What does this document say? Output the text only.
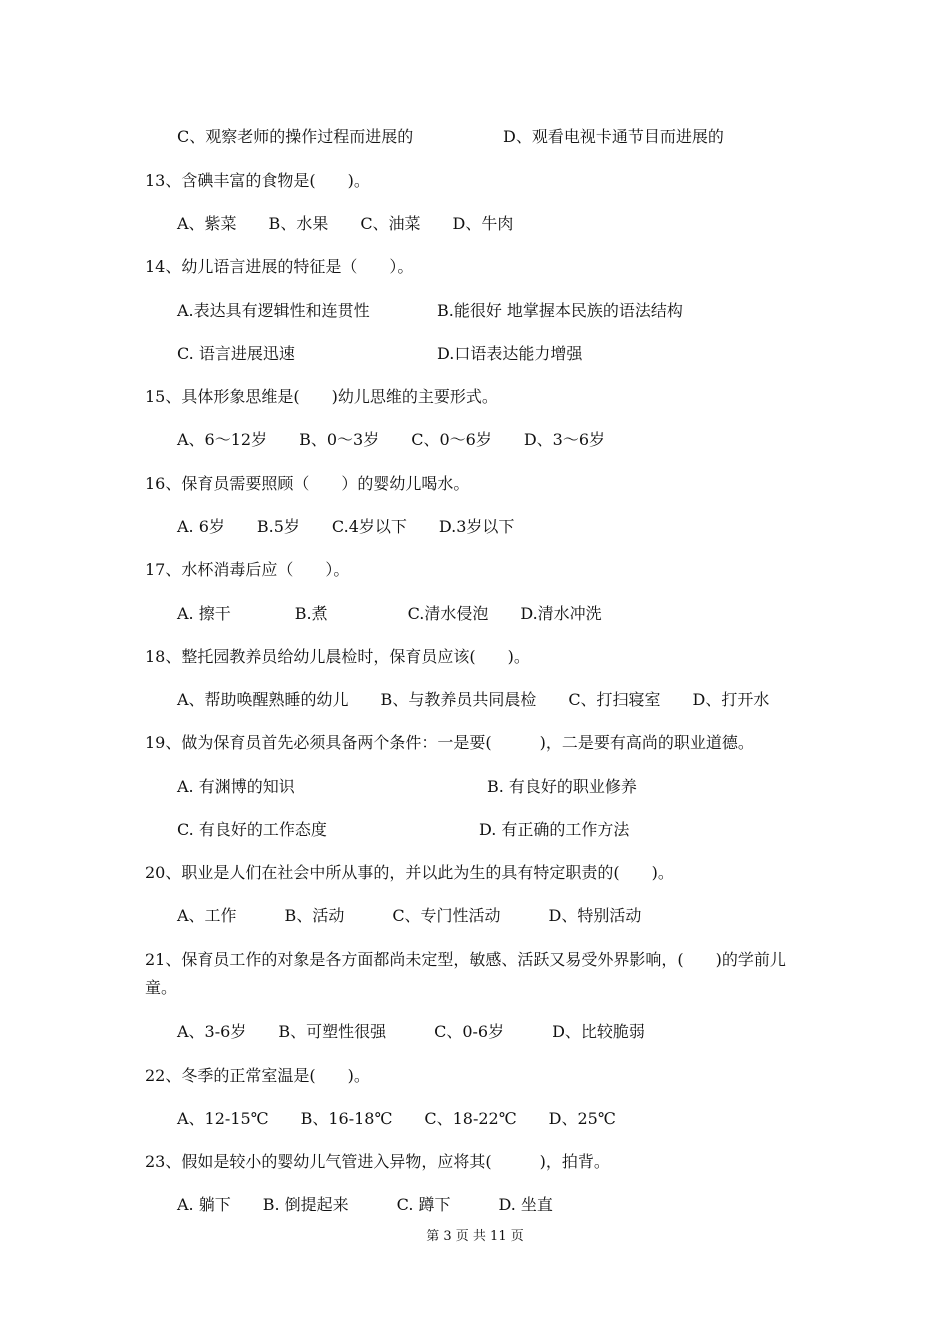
C、观察老师的操作过程而进展的	D、观看电视卡通节目而进展的
13、含碘丰富的食物是(　　)。
A、紫菜　　B、水果　　C、油菜　　D、牛肉
14、幼儿语言进展的特征是（　　）。
A.表达具有逻辑性和连贯性	B.能很好 地掌握本民族的语法结构
C. 语言进展迅速	D.口语表达能力增强
15、具体形象思维是(　　)幼儿思维的主要形式。
A、6～12岁　　B、0～3岁　　C、0～6岁　　D、3～6岁
16、保育员需要照顾（　　）的婴幼儿喝水。
A. 6岁　　B.5岁　　C.4岁以下　　D.3岁以下
17、水杯消毒后应（　　）。
A. 擦干　　　　B.煮　　　　　C.清水侵泡　　D.清水冲洗
18、整托园教养员给幼儿晨检时，保育员应该(　　)。
A、帮助唤醒熟睡的幼儿　　B、与教养员共同晨检　　C、打扫寝室　　D、打开水
19、做为保育员首先必须具备两个条件：一是要(　　　)，二是要有高尚的职业道德。
A. 有渊博的知识	B. 有良好的职业修养
C. 有良好的工作态度	D. 有正确的工作方法
20、职业是人们在社会中所从事的，并以此为生的具有特定职责的(　　)。
A、工作　　　B、活动　　　C、专门性活动　　　D、特别活动
21、保育员工作的对象是各方面都尚未定型，敏感、活跃又易受外界影响，(　　)的学前儿童。
A、3-6岁　　B、可塑性很强　　　C、0-6岁　　　D、比较脆弱
22、冬季的正常室温是(　　)。
A、12-15℃　　B、16-18℃　　C、18-22℃　　D、25℃
23、假如是较小的婴幼儿气管进入异物，应将其(　　　)，拍背。
A. 躺下　　B. 倒提起来　　　C. 蹲下　　　D. 坐直
第 3 页 共 11 页
